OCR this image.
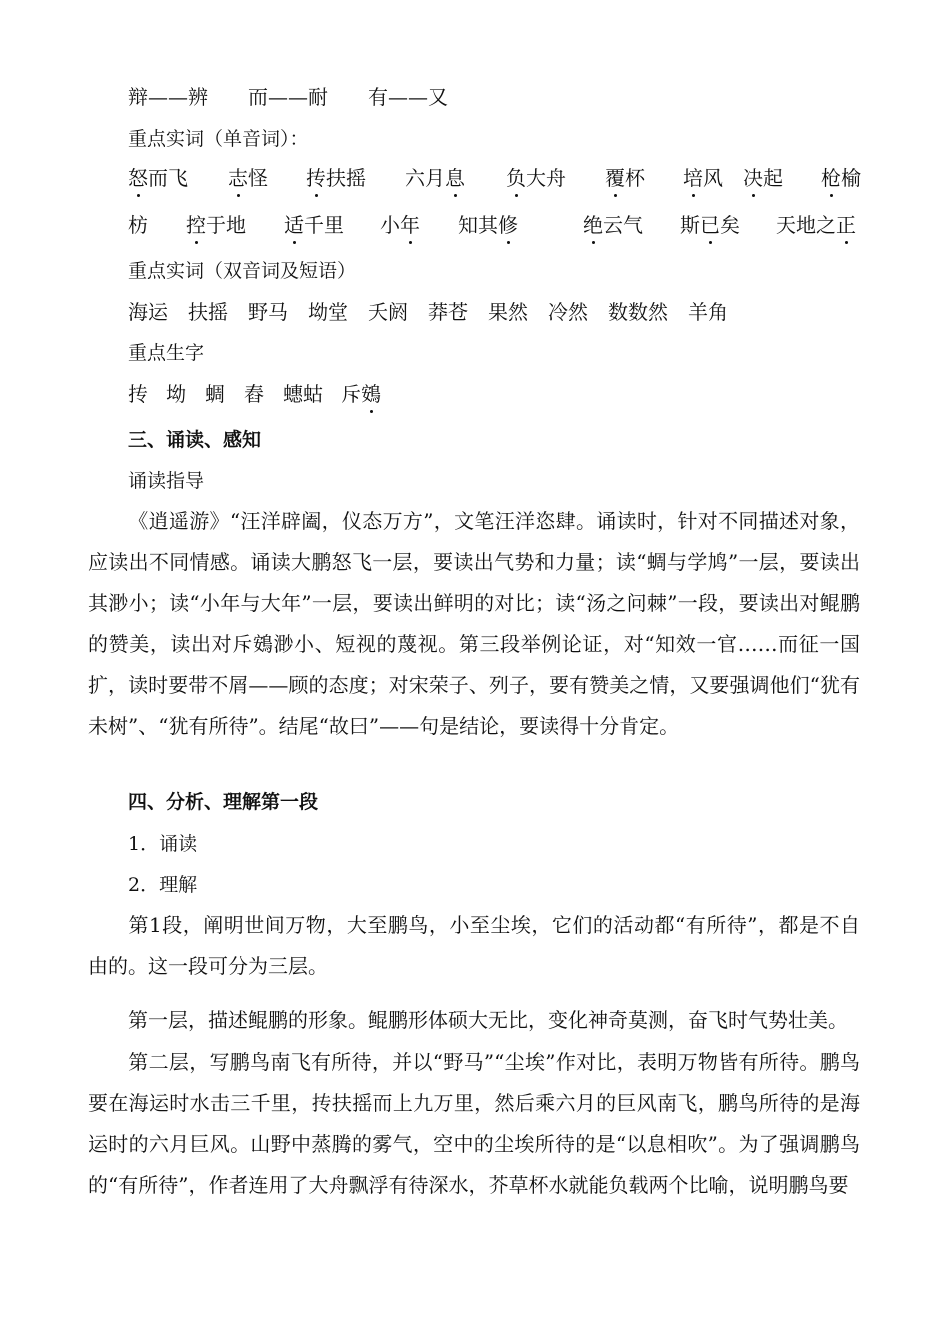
辩——辨　　而——耐　　有——又
重点实词（单音词）：
怒而飞 志怪 抟扶摇 六月息 负大舟 覆杯 培风 决起 枪榆
枋 控于地 适千里 小年 知其修	绝云气 斯已矣 天地之正
重点实词（双音词及短语）
海运　扶摇　野马　坳堂　夭阏　莽苍　果然　冷然　数数然　羊角
重点生字
抟 坳 蜩 舂 蟪蛄 斥鴳
三、诵读、感知
诵读指导
《逍遥游》“汪洋辟阖，仪态万方”，文笔汪洋恣肆。诵读时，针对不同描述对象，应读出不同情感。诵读大鹏怒飞一层，要读出气势和力量；读“蜩与学鸠”一层，要读出其渺小；读“小年与大年”一层，要读出鲜明的对比；读“汤之问棘”一段，要读出对鲲鹏的赞美，读出对斥鴳渺小、短视的蔑视。第三段举例论证，对“知效一官……而征一国扩，读时要带不屑——顾的态度；对宋荣子、列子，要有赞美之情，又要强调他们“犹有未树”、“犹有所待”。结尾“故曰”——句是结论，要读得十分肯定。
四、分析、理解第一段
1．诵读
2．理解
第1段，阐明世间万物，大至鹏鸟，小至尘埃，它们的活动都“有所待”，都是不自由的。这一段可分为三层。
第一层，描述鲲鹏的形象。鲲鹏形体硕大无比，变化神奇莫测，奋飞时气势壮美。
第二层，写鹏鸟南飞有所待，并以“野马”“尘埃”作对比，表明万物皆有所待。鹏鸟要在海运时水击三千里，抟扶摇而上九万里，然后乘六月的巨风南飞，鹏鸟所待的是海运时的六月巨风。山野中蒸腾的雾气，空中的尘埃所待的是“以息相吹”。为了强调鹏鸟的“有所待”，作者连用了大舟飘浮有待深水，芥草杯水就能负载两个比喻，说明鹏鸟要
